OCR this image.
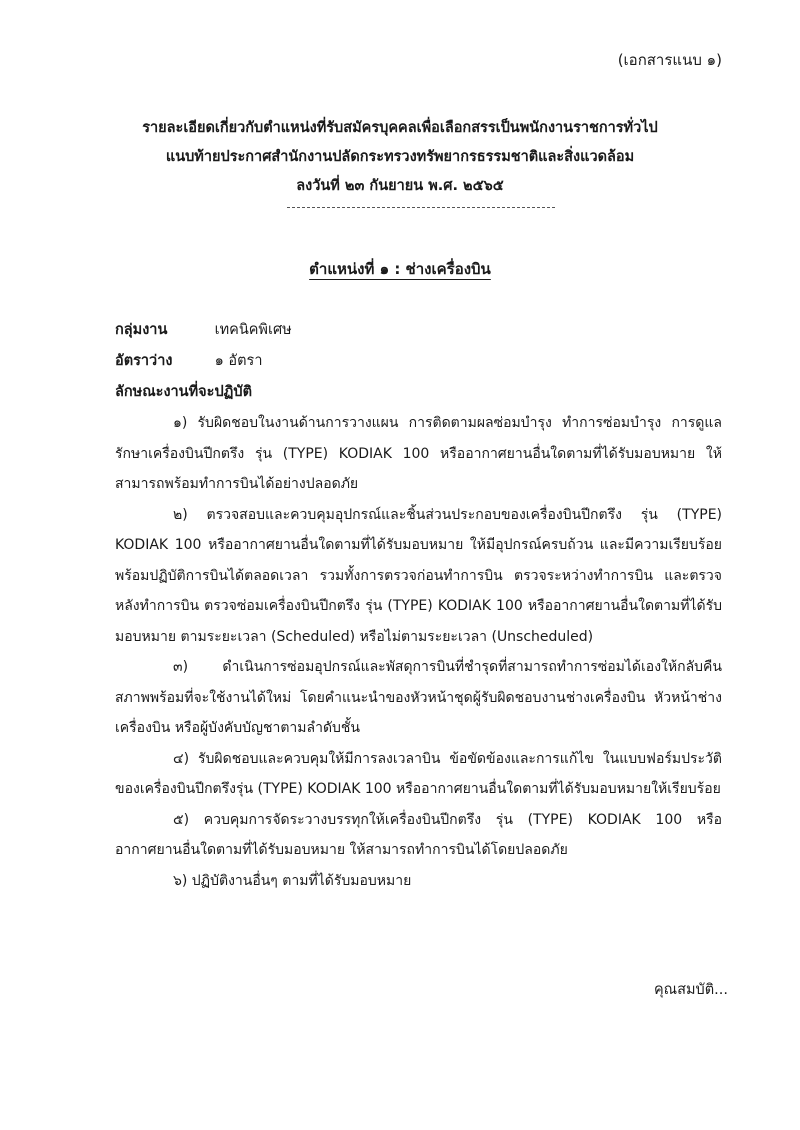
(เอกสารแนบ ๑)
รายละเอียดเกี่ยวกับตำแหน่งที่รับสมัครบุคคลเพื่อเลือกสรรเป็นพนักงานราชการทั่วไป
แนบท้ายประกาศสำนักงานปลัดกระทรวงทรัพยากรธรรมชาติและสิ่งแวดล้อม
ลงวันที่ ๒๓ กันยายน พ.ศ. ๒๕๖๕
ตำแหน่งที่ ๑ : ช่างเครื่องบิน
กลุ่มงาน	เทคนิคพิเศษ
อัตราว่าง	๑ อัตรา
ลักษณะงานที่จะปฏิบัติ

๑) รับผิดชอบในงานด้านการวางแผน การติดตามผลซ่อมบำรุง ทำการซ่อมบำรุง การดูแลรักษาเครื่องบินปีกตรึง รุ่น (TYPE) KODIAK 100 หรืออากาศยานอื่นใดตามที่ได้รับมอบหมาย ให้สามารถพร้อมทำการบินได้อย่างปลอดภัย

๒) ตรวจสอบและควบคุมอุปกรณ์และชิ้นส่วนประกอบของเครื่องบินปีกตรึง รุ่น (TYPE) KODIAK 100 หรืออากาศยานอื่นใดตามที่ได้รับมอบหมาย ให้มีอุปกรณ์ครบถ้วน และมีความเรียบร้อยพร้อมปฏิบัติการบินได้ตลอดเวลา รวมทั้งการตรวจก่อนทำการบิน ตรวจระหว่างทำการบิน และตรวจหลังทำการบิน ตรวจซ่อมเครื่องบินปีกตรึง รุ่น (TYPE) KODIAK 100 หรืออากาศยานอื่นใดตามที่ได้รับมอบหมาย ตามระยะเวลา (Scheduled) หรือไม่ตามระยะเวลา (Unscheduled)

๓) ดำเนินการซ่อมอุปกรณ์และพัสดุการบินที่ชำรุดที่สามารถทำการซ่อมได้เองให้กลับคืนสภาพพร้อมที่จะใช้งานได้ใหม่ โดยคำแนะนำของหัวหน้าชุดผู้รับผิดชอบงานช่างเครื่องบิน หัวหน้าช่างเครื่องบิน หรือผู้บังคับบัญชาตามลำดับชั้น

๔) รับผิดชอบและควบคุมให้มีการลงเวลาบิน ข้อขัดข้องและการแก้ไข ในแบบฟอร์มประวัติของเครื่องบินปีกตรึงรุ่น (TYPE) KODIAK 100 หรืออากาศยานอื่นใดตามที่ได้รับมอบหมายให้เรียบร้อย

๕) ควบคุมการจัดระวางบรรทุกให้เครื่องบินปีกตรึง รุ่น (TYPE) KODIAK 100 หรืออากาศยานอื่นใดตามที่ได้รับมอบหมาย ให้สามารถทำการบินได้โดยปลอดภัย

๖) ปฏิบัติงานอื่นๆ ตามที่ได้รับมอบหมาย

คุณสมบัติ...
